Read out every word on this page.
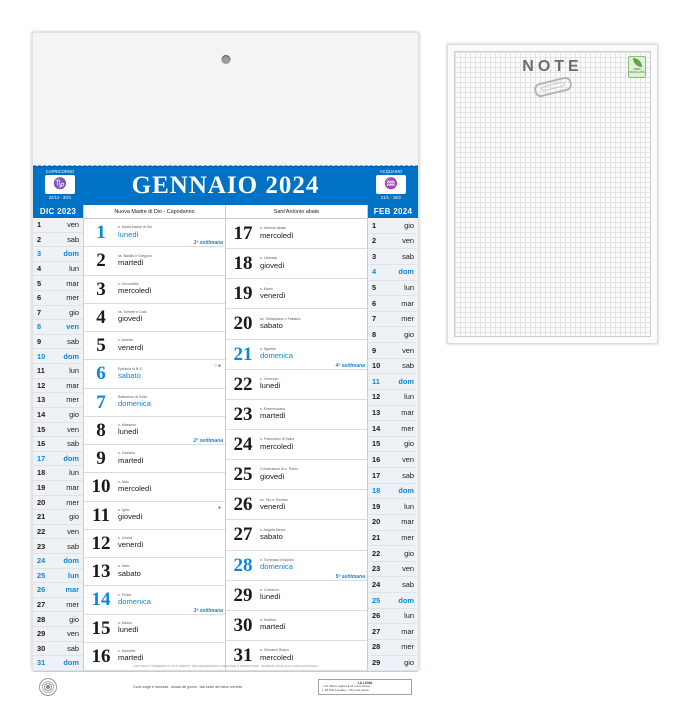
CAPRICORNO
♑
22/12 - 20/1	GENNAIO 2024
ACQUARIO
♒
21/1 - 19/2
DIC 2023
1	ven
2	sab
3	dom
4	lun
5	mar
6	mer
7	gio
8	ven
9	sab
10 dom
11	lun
12	mar
13	mer
14	gio
15	ven
16	sab
17 dom
18	lun
19	mar
20	mer
21	gio
22	ven
23	sab
24 dom
25	lun
26	mar
27	mer
28	gio
29	ven
30	sab
31 dom
Nuova Madre di Dio - Capodanno
1	s. Maria Madre di Dio
lunedì
1ª settimana
2	ss. Basilio e Gregorio
martedì
3	s. Genoveffa
mercoledì
4	ss. Ermete e Caio
giovedì
5	s. Amelia
venerdì
6	Epifania di N.S.
sabato
○●
7	Battesimo di Gesù
domenica
8	s. Massimo
lunedì
2ª settimana
9	s. Giuliano
martedì
10	s. Aldo
mercoledì
11	s. Igino
giovedì
●
12	s. Cesira
venerdì
13	s. Ilario
sabato
14	s. Felice
domenica
3ª settimana
15	s. Mauro
lunedì
16	s. Marcello
martedì
Sant'Antonio abate
17	s. Antonio abate
mercoledì
18	s. Liberata
giovedì
19	s. Mario
venerdì
20	ss. Sebastiano e Fabiano
sabato
21	s. Agnese
domenica
4ª settimana
22	s. Vincenzo
lunedì
23	s. Emerenziana
martedì
24	s. Francesco di Sales
mercoledì
25	Conversione di s. Paolo
giovedì
26	ss. Tito e Timoteo
venerdì
27	s. Angela Merici
sabato
28	s. Tommaso d'Aquino
domenica
5ª settimana
29	s. Costanzo
lunedì
30	s. Martina
martedì
31	s. Giovanni Bosco
mercoledì
FEB 2024
1	gio
2	ven
3	sab
4	dom
5	lun
6	mar
7	mer
8	gio
9	ven
10	sab
11	dom
12	lun
13	mar
14	mer
15	gio
16	ven
17	sab
18 dom
19	lun
20	mar
21	mer
22	gio
23	ven
24	sab
25 dom
26	lun
27	mar
28	mer
29	gio
Il sole sorge e tramonta - durata del giorno - fasi lunari del mese corrente
LA LUNA
○ 04 Ultimo quarto ● 11 Luna nuova
◐ 18 Primo quarto ○ 25 Luna piena
COPYRIGHT © RISERVATO A TUTTI I DIRITTI - PER INFORMAZIONI CONTATTARE IL PRODUTTORE - STAMPATO IN ITALIA SU CARTA ECOLOGICA
NOTE	100% RICICLATA
